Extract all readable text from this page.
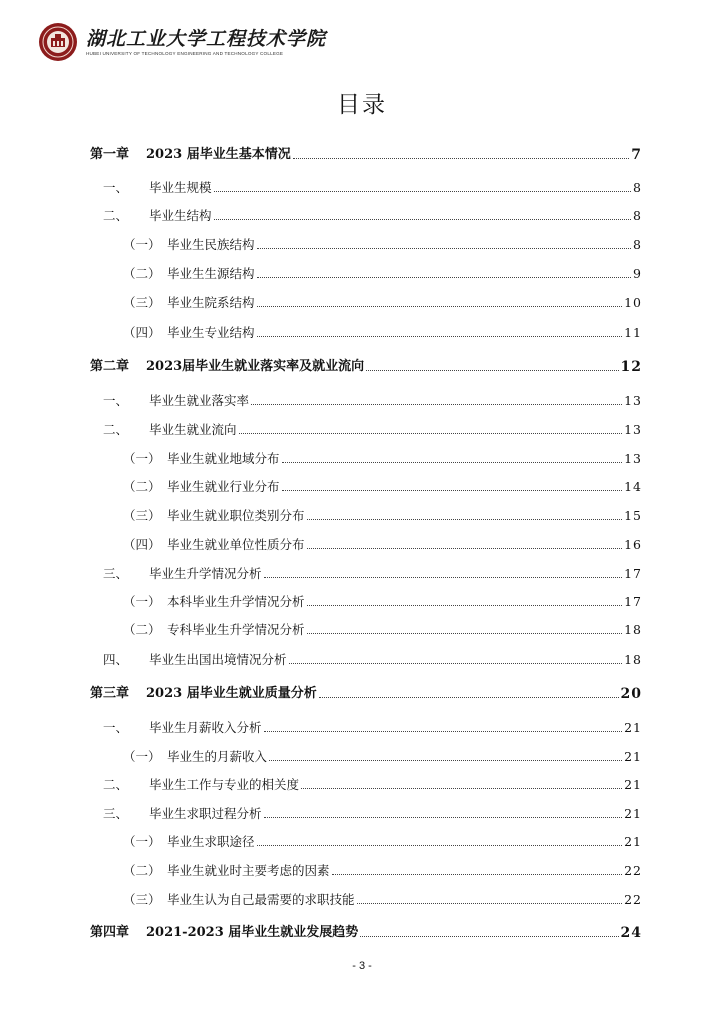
湖北工业大学工程技术学院
HUBEI UNIVERSITY OF TECHNOLOGY ENGINEERING AND TECHNOLOGY COLLEGE
目录
第一章	2023 届毕业生基本情况	7
一、	毕业生规模	8
二、	毕业生结构	8
（一） 毕业生民族结构	8
（二） 毕业生生源结构	9
（三） 毕业生院系结构	10
（四） 毕业生专业结构	11
第二章	2023届毕业生就业落实率及就业流向	12
一、	毕业生就业落实率	13
二、	毕业生就业流向	13
（一） 毕业生就业地域分布	13
（二） 毕业生就业行业分布	14
（三） 毕业生就业职位类别分布	15
（四） 毕业生就业单位性质分布	16
三、	毕业生升学情况分析	17
（一） 本科毕业生升学情况分析	17
（二） 专科毕业生升学情况分析	18
四、	毕业生出国出境情况分析	18
第三章	2023 届毕业生就业质量分析	20
一、	毕业生月薪收入分析	21
（一） 毕业生的月薪收入	21
二、	毕业生工作与专业的相关度	21
三、	毕业生求职过程分析	21
（一） 毕业生求职途径	21
（二） 毕业生就业时主要考虑的因素	22
（三） 毕业生认为自己最需要的求职技能	22
第四章	2021-2023 届毕业生就业发展趋势	24
- 3 -
